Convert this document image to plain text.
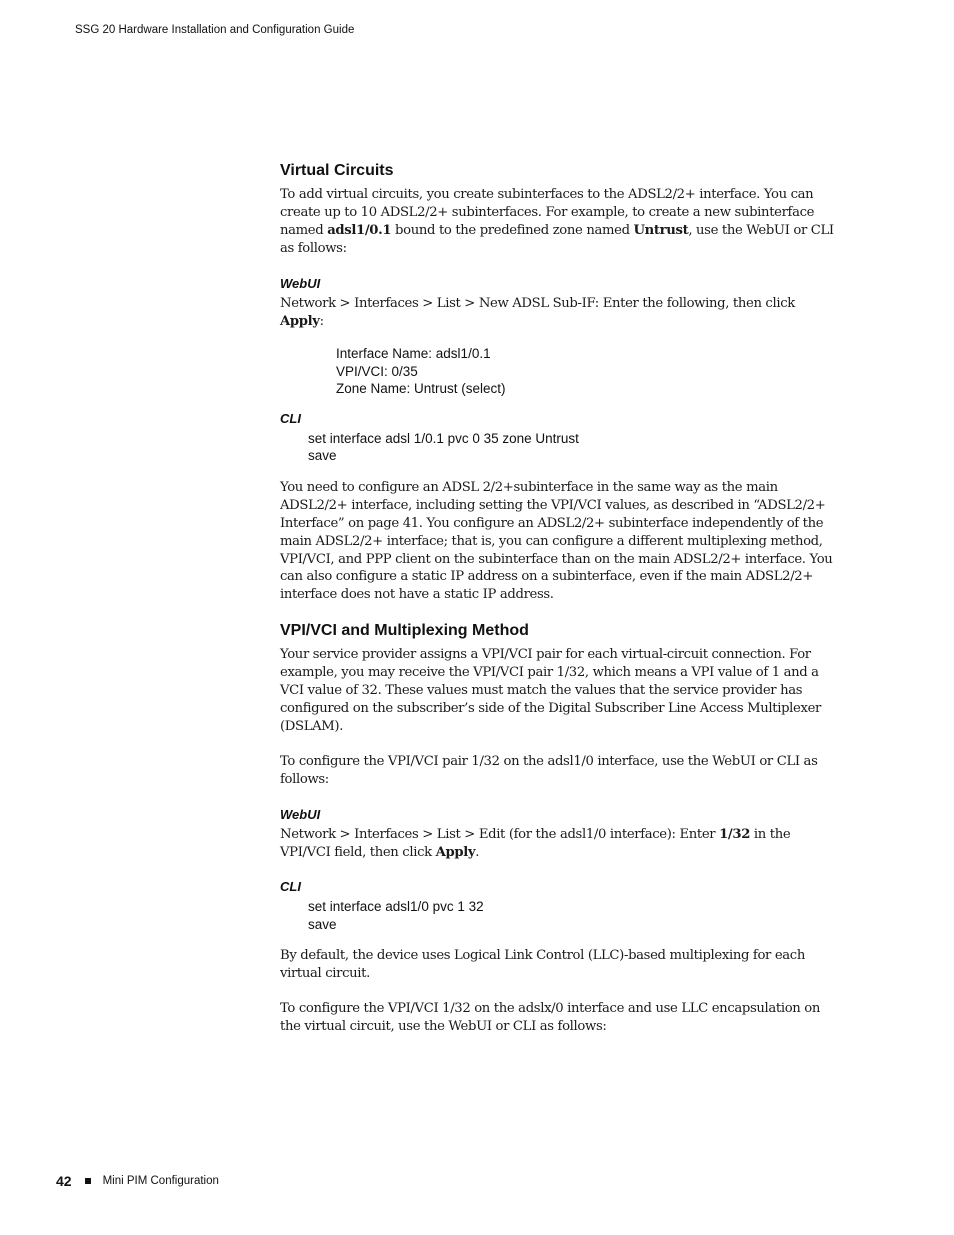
SSG 20 Hardware Installation and Configuration Guide
Virtual Circuits

To add virtual circuits, you create subinterfaces to the ADSL2/2+ interface. You can create up to 10 ADSL2/2+ subinterfaces. For example, to create a new subinterface named adsl1/0.1 bound to the predefined zone named Untrust, use the WebUI or CLI as follows:

WebUI

Network > Interfaces > List > New ADSL Sub-IF: Enter the following, then click Apply:

Interface Name: adsl1/0.1
VPI/VCI: 0/35
Zone Name: Untrust (select)
CLI
set interface adsl 1/0.1 pvc 0 35 zone Untrust
save

You need to configure an ADSL 2/2+subinterface in the same way as the main ADSL2/2+ interface, including setting the VPI/VCI values, as described in “ADSL2/2+ Interface” on page 41. You configure an ADSL2/2+ subinterface independently of the main ADSL2/2+ interface; that is, you can configure a different multiplexing method, VPI/VCI, and PPP client on the subinterface than on the main ADSL2/2+ interface. You can also configure a static IP address on a subinterface, even if the main ADSL2/2+ interface does not have a static IP address.

VPI/VCI and Multiplexing Method

Your service provider assigns a VPI/VCI pair for each virtual-circuit connection. For example, you may receive the VPI/VCI pair 1/32, which means a VPI value of 1 and a VCI value of 32. These values must match the values that the service provider has configured on the subscriber’s side of the Digital Subscriber Line Access Multiplexer (DSLAM).

To configure the VPI/VCI pair 1/32 on the adsl1/0 interface, use the WebUI or CLI as follows:

WebUI

Network > Interfaces > List > Edit (for the adsl1/0 interface): Enter 1/32 in the VPI/VCI field, then click Apply.

CLI
set interface adsl1/0 pvc 1 32
save

By default, the device uses Logical Link Control (LLC)-based multiplexing for each virtual circuit.

To configure the VPI/VCI 1/32 on the adslx/0 interface and use LLC encapsulation on the virtual circuit, use the WebUI or CLI as follows:

42	Mini PIM Configuration
